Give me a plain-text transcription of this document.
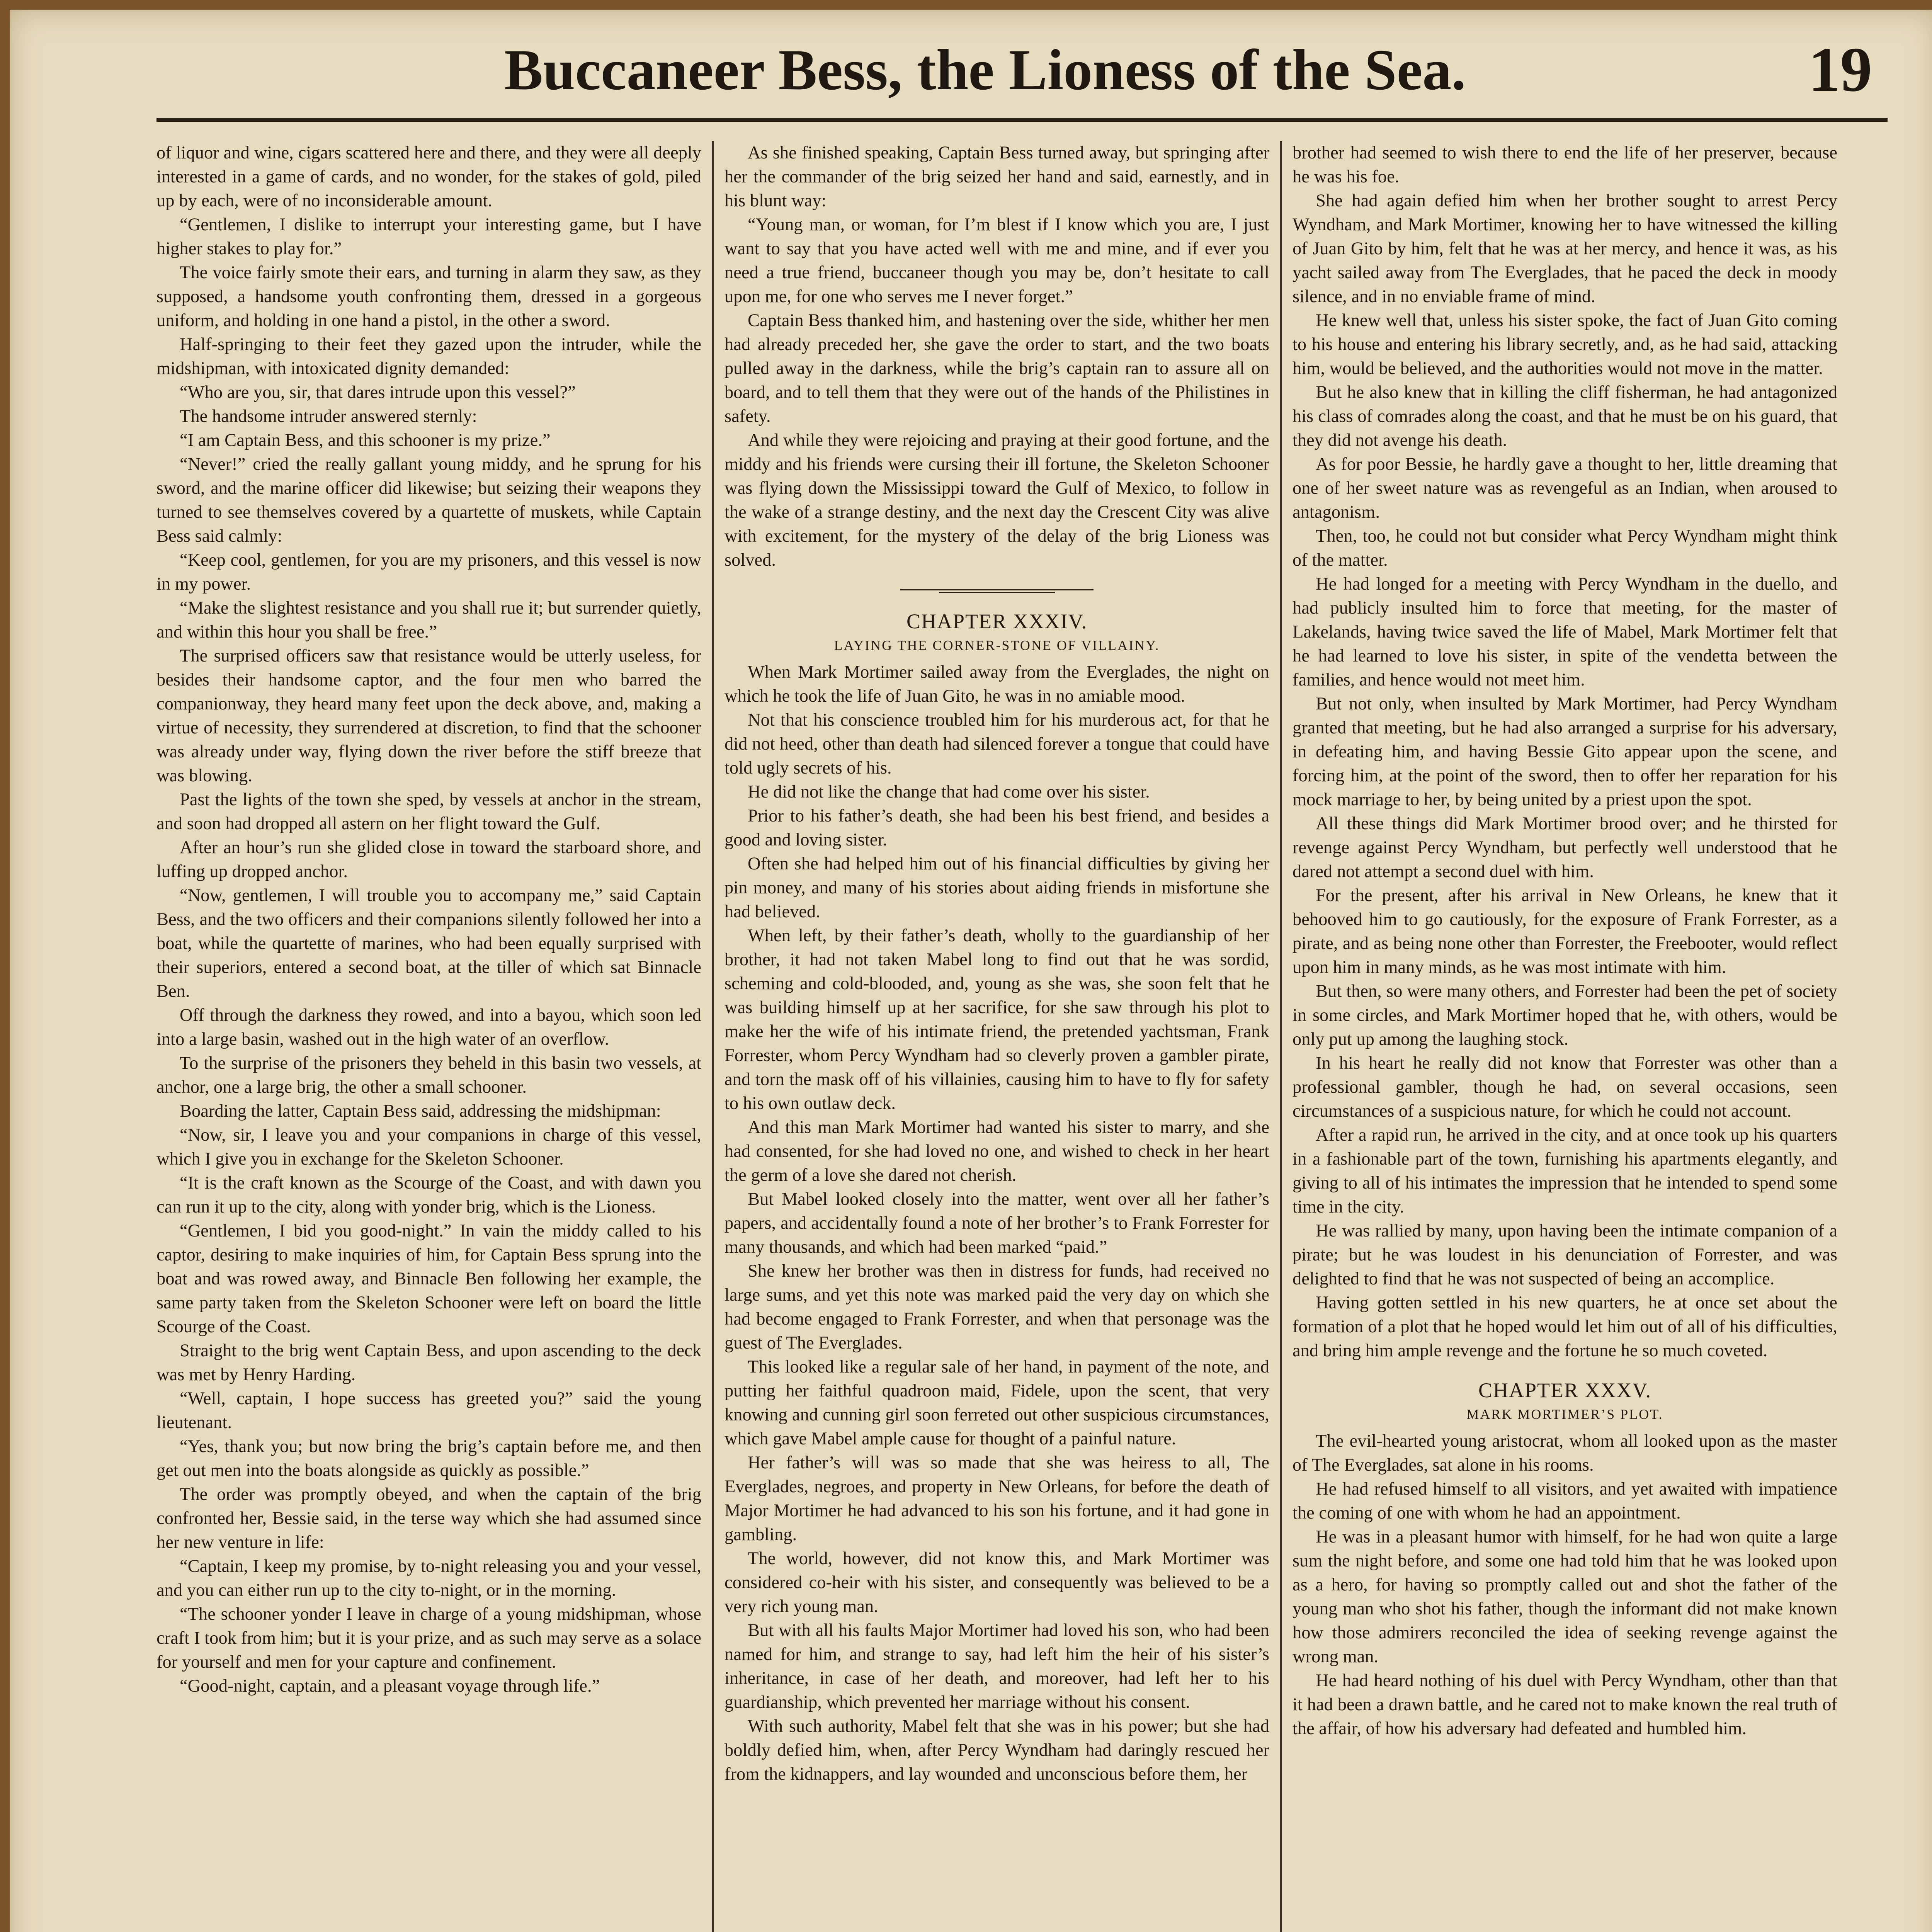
Buccaneer Bess, the Lioness of the Sea.	19

of liquor and wine, cigars scattered here and there, and they were all deeply interested in a game of cards, and no wonder, for the stakes of gold, piled up by each, were of no inconsiderable amount.

“Gentlemen, I dislike to interrupt your interesting game, but I have higher stakes to play for.”

The voice fairly smote their ears, and turning in alarm they saw, as they supposed, a handsome youth confronting them, dressed in a gorgeous uniform, and holding in one hand a pistol, in the other a sword.

Half-springing to their feet they gazed upon the intruder, while the midshipman, with intoxicated dignity demanded:

“Who are you, sir, that dares intrude upon this vessel?”

The handsome intruder answered sternly:

“I am Captain Bess, and this schooner is my prize.”

“Never!” cried the really gallant young middy, and he sprung for his sword, and the marine officer did likewise; but seizing their weapons they turned to see themselves covered by a quartette of muskets, while Captain Bess said calmly:

“Keep cool, gentlemen, for you are my prisoners, and this vessel is now in my power.

“Make the slightest resistance and you shall rue it; but surrender quietly, and within this hour you shall be free.”

The surprised officers saw that resistance would be utterly useless, for besides their handsome captor, and the four men who barred the companionway, they heard many feet upon the deck above, and, making a virtue of necessity, they surrendered at discretion, to find that the schooner was already under way, flying down the river before the stiff breeze that was blowing.

Past the lights of the town she sped, by vessels at anchor in the stream, and soon had dropped all astern on her flight toward the Gulf.

After an hour’s run she glided close in toward the starboard shore, and luffing up dropped anchor.

“Now, gentlemen, I will trouble you to accompany me,” said Captain Bess, and the two officers and their companions silently followed her into a boat, while the quartette of marines, who had been equally surprised with their superiors, entered a second boat, at the tiller of which sat Binnacle Ben.

Off through the darkness they rowed, and into a bayou, which soon led into a large basin, washed out in the high water of an overflow.

To the surprise of the prisoners they beheld in this basin two vessels, at anchor, one a large brig, the other a small schooner.

Boarding the latter, Captain Bess said, addressing the midshipman:

“Now, sir, I leave you and your companions in charge of this vessel, which I give you in exchange for the Skeleton Schooner.

“It is the craft known as the Scourge of the Coast, and with dawn you can run it up to the city, along with yonder brig, which is the Lioness.

“Gentlemen, I bid you good-night.” In vain the middy called to his captor, desiring to make inquiries of him, for Captain Bess sprung into the boat and was rowed away, and Binnacle Ben following her example, the same party taken from the Skeleton Schooner were left on board the little Scourge of the Coast.

Straight to the brig went Captain Bess, and upon ascending to the deck was met by Henry Harding.

“Well, captain, I hope success has greeted you?” said the young lieutenant.

“Yes, thank you; but now bring the brig’s captain before me, and then get out men into the boats alongside as quickly as possible.”

The order was promptly obeyed, and when the captain of the brig confronted her, Bessie said, in the terse way which she had assumed since her new venture in life:

“Captain, I keep my promise, by to-night releasing you and your vessel, and you can either run up to the city to-night, or in the morning.

“The schooner yonder I leave in charge of a young midshipman, whose craft I took from him; but it is your prize, and as such may serve as a solace for yourself and men for your capture and confinement.

“Good-night, captain, and a pleasant voyage through life.”

As she finished speaking, Captain Bess turned away, but springing after her the commander of the brig seized her hand and said, earnestly, and in his blunt way:

“Young man, or woman, for I’m blest if I know which you are, I just want to say that you have acted well with me and mine, and if ever you need a true friend, buccaneer though you may be, don’t hesitate to call upon me, for one who serves me I never forget.”

Captain Bess thanked him, and hastening over the side, whither her men had already preceded her, she gave the order to start, and the two boats pulled away in the darkness, while the brig’s captain ran to assure all on board, and to tell them that they were out of the hands of the Philistines in safety.

And while they were rejoicing and praying at their good fortune, and the middy and his friends were cursing their ill fortune, the Skeleton Schooner was flying down the Mississippi toward the Gulf of Mexico, to follow in the wake of a strange destiny, and the next day the Crescent City was alive with excitement, for the mystery of the delay of the brig Lioness was solved.

CHAPTER XXXIV.
LAYING THE CORNER-STONE OF VILLAINY.

When Mark Mortimer sailed away from the Everglades, the night on which he took the life of Juan Gito, he was in no amiable mood.

Not that his conscience troubled him for his murderous act, for that he did not heed, other than death had silenced forever a tongue that could have told ugly secrets of his.

He did not like the change that had come over his sister.

Prior to his father’s death, she had been his best friend, and besides a good and loving sister.

Often she had helped him out of his financial difficulties by giving her pin money, and many of his stories about aiding friends in misfortune she had believed.

When left, by their father’s death, wholly to the guardianship of her brother, it had not taken Mabel long to find out that he was sordid, scheming and cold-blooded, and, young as she was, she soon felt that he was building himself up at her sacrifice, for she saw through his plot to make her the wife of his intimate friend, the pretended yachtsman, Frank Forrester, whom Percy Wyndham had so cleverly proven a gambler pirate, and torn the mask off of his villainies, causing him to have to fly for safety to his own outlaw deck.

And this man Mark Mortimer had wanted his sister to marry, and she had consented, for she had loved no one, and wished to check in her heart the germ of a love she dared not cherish.

But Mabel looked closely into the matter, went over all her father’s papers, and accidentally found a note of her brother’s to Frank Forrester for many thousands, and which had been marked “paid.”

She knew her brother was then in distress for funds, had received no large sums, and yet this note was marked paid the very day on which she had become engaged to Frank Forrester, and when that personage was the guest of The Everglades.

This looked like a regular sale of her hand, in payment of the note, and putting her faithful quadroon maid, Fidele, upon the scent, that very knowing and cunning girl soon ferreted out other suspicious circumstances, which gave Mabel ample cause for thought of a painful nature.

Her father’s will was so made that she was heiress to all, The Everglades, negroes, and property in New Orleans, for before the death of Major Mortimer he had advanced to his son his fortune, and it had gone in gambling.

The world, however, did not know this, and Mark Mortimer was considered co-heir with his sister, and consequently was believed to be a very rich young man.

But with all his faults Major Mortimer had loved his son, who had been named for him, and strange to say, had left him the heir of his sister’s inheritance, in case of her death, and moreover, had left her to his guardianship, which prevented her marriage without his consent.

With such authority, Mabel felt that she was in his power; but she had boldly defied him, when, after Percy Wyndham had daringly rescued her from the kidnappers, and lay wounded and unconscious before them, her

brother had seemed to wish there to end the life of her preserver, because he was his foe.

She had again defied him when her brother sought to arrest Percy Wyndham, and Mark Mortimer, knowing her to have witnessed the killing of Juan Gito by him, felt that he was at her mercy, and hence it was, as his yacht sailed away from The Everglades, that he paced the deck in moody silence, and in no enviable frame of mind.

He knew well that, unless his sister spoke, the fact of Juan Gito coming to his house and entering his library secretly, and, as he had said, attacking him, would be believed, and the authorities would not move in the matter.

But he also knew that in killing the cliff fisherman, he had antagonized his class of comrades along the coast, and that he must be on his guard, that they did not avenge his death.

As for poor Bessie, he hardly gave a thought to her, little dreaming that one of her sweet nature was as revengeful as an Indian, when aroused to antagonism.

Then, too, he could not but consider what Percy Wyndham might think of the matter.

He had longed for a meeting with Percy Wyndham in the duello, and had publicly insulted him to force that meeting, for the master of Lakelands, having twice saved the life of Mabel, Mark Mortimer felt that he had learned to love his sister, in spite of the vendetta between the families, and hence would not meet him.

But not only, when insulted by Mark Mortimer, had Percy Wyndham granted that meeting, but he had also arranged a surprise for his adversary, in defeating him, and having Bessie Gito appear upon the scene, and forcing him, at the point of the sword, then to offer her reparation for his mock marriage to her, by being united by a priest upon the spot.

All these things did Mark Mortimer brood over; and he thirsted for revenge against Percy Wyndham, but perfectly well understood that he dared not attempt a second duel with him.

For the present, after his arrival in New Orleans, he knew that it behooved him to go cautiously, for the exposure of Frank Forrester, as a pirate, and as being none other than Forrester, the Freebooter, would reflect upon him in many minds, as he was most intimate with him.

But then, so were many others, and Forrester had been the pet of society in some circles, and Mark Mortimer hoped that he, with others, would be only put up among the laughing stock.

In his heart he really did not know that Forrester was other than a professional gambler, though he had, on several occasions, seen circumstances of a suspicious nature, for which he could not account.

After a rapid run, he arrived in the city, and at once took up his quarters in a fashionable part of the town, furnishing his apartments elegantly, and giving to all of his intimates the impression that he intended to spend some time in the city.

He was rallied by many, upon having been the intimate companion of a pirate; but he was loudest in his denunciation of Forrester, and was delighted to find that he was not suspected of being an accomplice.

Having gotten settled in his new quarters, he at once set about the formation of a plot that he hoped would let him out of all of his difficulties, and bring him ample revenge and the fortune he so much coveted.

CHAPTER XXXV.
MARK MORTIMER’S PLOT.

The evil-hearted young aristocrat, whom all looked upon as the master of The Everglades, sat alone in his rooms.

He had refused himself to all visitors, and yet awaited with impatience the coming of one with whom he had an appointment.

He was in a pleasant humor with himself, for he had won quite a large sum the night before, and some one had told him that he was looked upon as a hero, for having so promptly called out and shot the father of the young man who shot his father, though the informant did not make known how those admirers reconciled the idea of seeking revenge against the wrong man.

He had heard nothing of his duel with Percy Wyndham, other than that it had been a drawn battle, and he cared not to make known the real truth of the affair, of how his adversary had defeated and humbled him.
